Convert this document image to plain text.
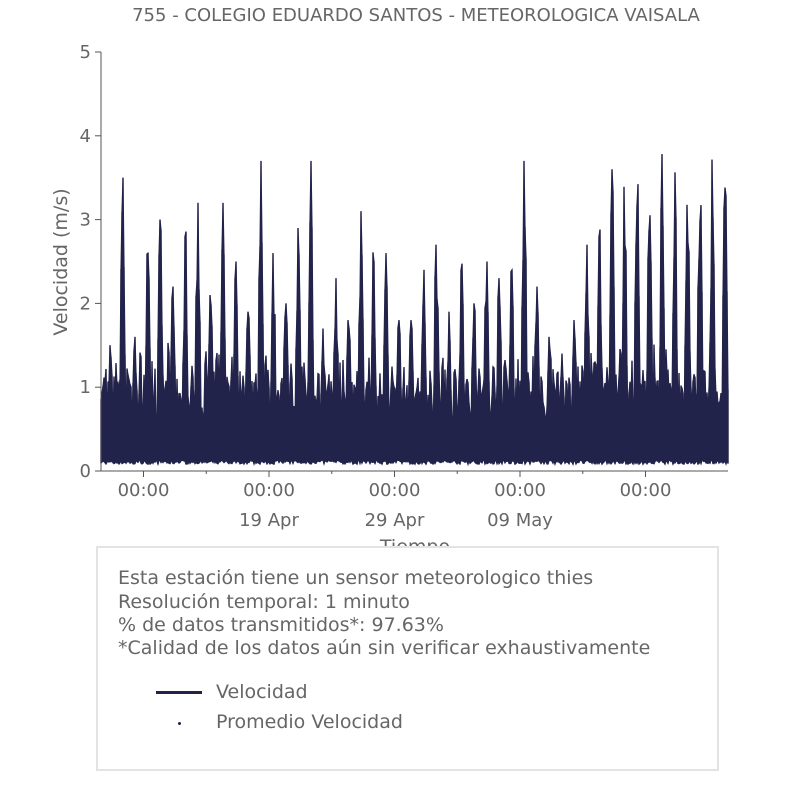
755 - COLEGIO EDUARDO SANTOS - METEOROLOGICA VAISALA
Velocidad (m/s)
0
1
2
3
4
5
00:00	00:00	00:00	00:00	00:00
19 Apr	29 Apr	09 May
Esta estación tiene un sensor meteorologico thies
Resolución temporal: 1 minuto
% de datos transmitidos*: 97.63%
*Calidad de los datos aún sin verificar exhaustivamente
Velocidad
Promedio Velocidad
